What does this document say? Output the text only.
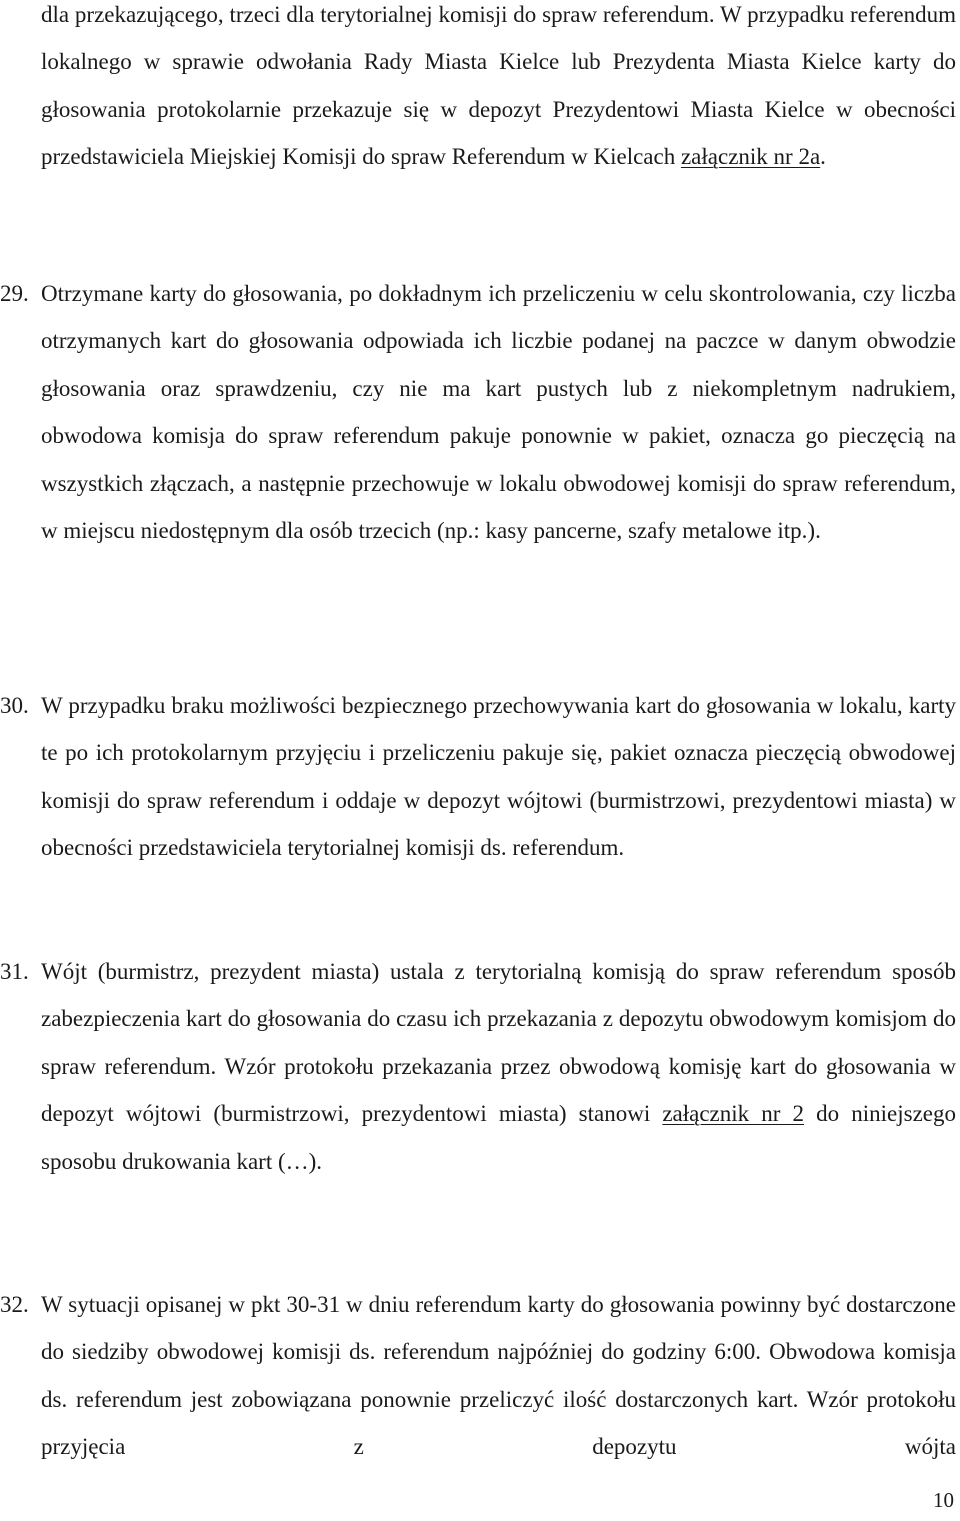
dla przekazującego, trzeci dla terytorialnej komisji do spraw referendum. W przypadku referendum lokalnego w sprawie odwołania Rady Miasta Kielce lub Prezydenta Miasta Kielce karty do głosowania protokolarnie przekazuje się w depozyt Prezydentowi Miasta Kielce w obecności przedstawiciela Miejskiej Komisji do spraw Referendum w Kielcach załącznik nr 2a.

29. Otrzymane karty do głosowania, po dokładnym ich przeliczeniu w celu skontrolowania, czy liczba otrzymanych kart do głosowania odpowiada ich liczbie podanej na paczce w danym obwodzie głosowania oraz sprawdzeniu, czy nie ma kart pustych lub z niekompletnym nadrukiem, obwodowa komisja do spraw referendum pakuje ponownie w pakiet, oznacza go pieczęcią na wszystkich złączach, a następnie przechowuje w lokalu obwodowej komisji do spraw referendum, w miejscu niedostępnym dla osób trzecich (np.: kasy pancerne, szafy metalowe itp.).

30. W przypadku braku możliwości bezpiecznego przechowywania kart do głosowania w lokalu, karty te po ich protokolarnym przyjęciu i przeliczeniu pakuje się, pakiet oznacza pieczęcią obwodowej komisji do spraw referendum i oddaje w depozyt wójtowi (burmistrzowi, prezydentowi miasta) w obecności przedstawiciela terytorialnej komisji ds. referendum.

31. Wójt (burmistrz, prezydent miasta) ustala z terytorialną komisją do spraw referendum sposób zabezpieczenia kart do głosowania do czasu ich przekazania z depozytu obwodowym komisjom do spraw referendum. Wzór protokołu przekazania przez obwodową komisję kart do głosowania w depozyt wójtowi (burmistrzowi, prezydentowi miasta) stanowi załącznik nr 2 do niniejszego sposobu drukowania kart (…).

32. W sytuacji opisanej w pkt 30-31 w dniu referendum karty do głosowania powinny być dostarczone do siedziby obwodowej komisji ds. referendum najpóźniej do godziny 6:00. Obwodowa komisja ds. referendum jest zobowiązana ponownie przeliczyć ilość dostarczonych kart. Wzór protokołu przyjęcia z depozytu wójta

10
